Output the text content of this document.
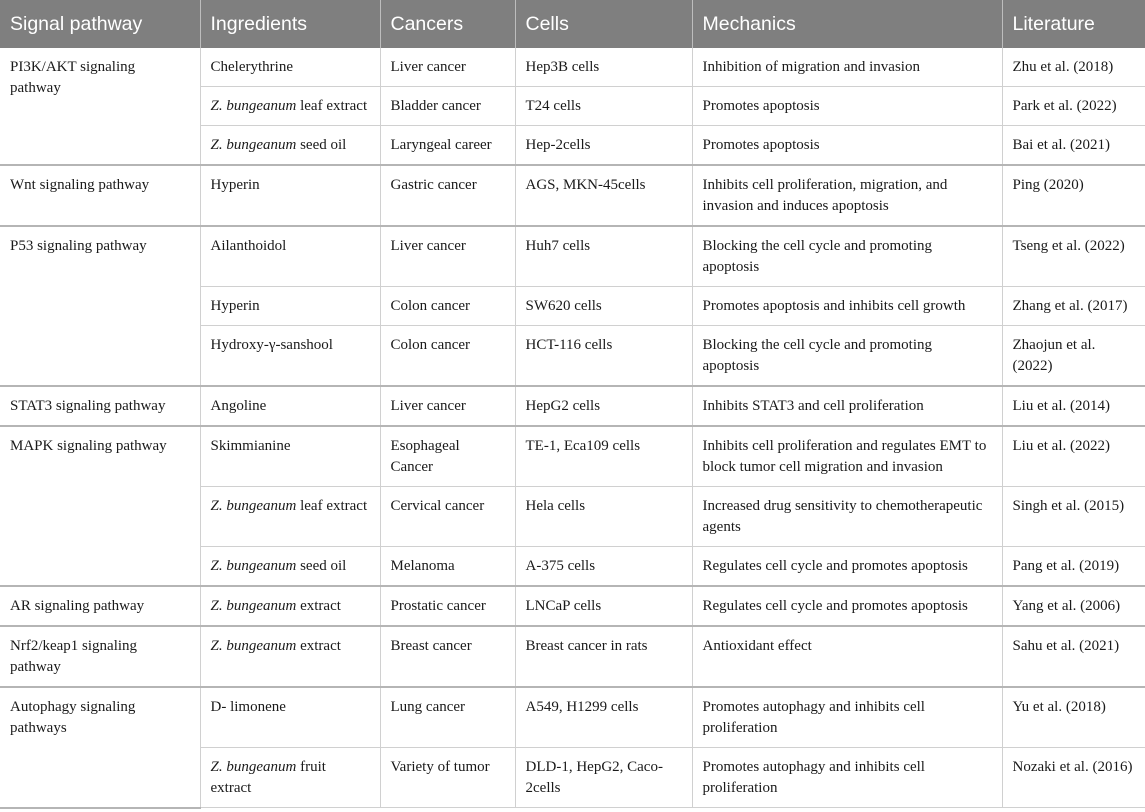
Signal pathway	Ingredients	Cancers	Cells	Mechanics	Literature
PI3K/AKT signaling pathway	Chelerythrine	Liver cancer	Hep3B cells	Inhibition of migration and invasion	Zhu et al. (2018)
	Z. bungeanum leaf extract	Bladder cancer	T24 cells	Promotes apoptosis	Park et al. (2022)
	Z. bungeanum seed oil	Laryngeal career	Hep-2cells	Promotes apoptosis	Bai et al. (2021)
Wnt signaling pathway	Hyperin	Gastric cancer	AGS, MKN-45cells	Inhibits cell proliferation, migration, and invasion and induces apoptosis	Ping (2020)
P53 signaling pathway	Ailanthoidol	Liver cancer	Huh7 cells	Blocking the cell cycle and promoting apoptosis	Tseng et al. (2022)
	Hyperin	Colon cancer	SW620 cells	Promotes apoptosis and inhibits cell growth	Zhang et al. (2017)
	Hydroxy-γ-sanshool	Colon cancer	HCT-116 cells	Blocking the cell cycle and promoting apoptosis	Zhaojun et al. (2022)
STAT3 signaling pathway	Angoline	Liver cancer	HepG2 cells	Inhibits STAT3 and cell proliferation	Liu et al. (2014)
MAPK signaling pathway	Skimmianine	Esophageal Cancer	TE-1, Eca109 cells	Inhibits cell proliferation and regulates EMT to block tumor cell migration and invasion	Liu et al. (2022)
	Z. bungeanum leaf extract	Cervical cancer	Hela cells	Increased drug sensitivity to chemotherapeutic agents	Singh et al. (2015)
	Z. bungeanum seed oil	Melanoma	A-375 cells	Regulates cell cycle and promotes apoptosis	Pang et al. (2019)
AR signaling pathway	Z. bungeanum extract	Prostatic cancer	LNCaP cells	Regulates cell cycle and promotes apoptosis	Yang et al. (2006)
Nrf2/keap1 signaling pathway	Z. bungeanum extract	Breast cancer	Breast cancer in rats	Antioxidant effect	Sahu et al. (2021)
Autophagy signaling pathways	D- limonene	Lung cancer	A549, H1299 cells	Promotes autophagy and inhibits cell proliferation	Yu et al. (2018)
	Z. bungeanum fruit extract	Variety of tumor	DLD-1, HepG2, Caco-2cells	Promotes autophagy and inhibits cell proliferation	Nozaki et al. (2016)
